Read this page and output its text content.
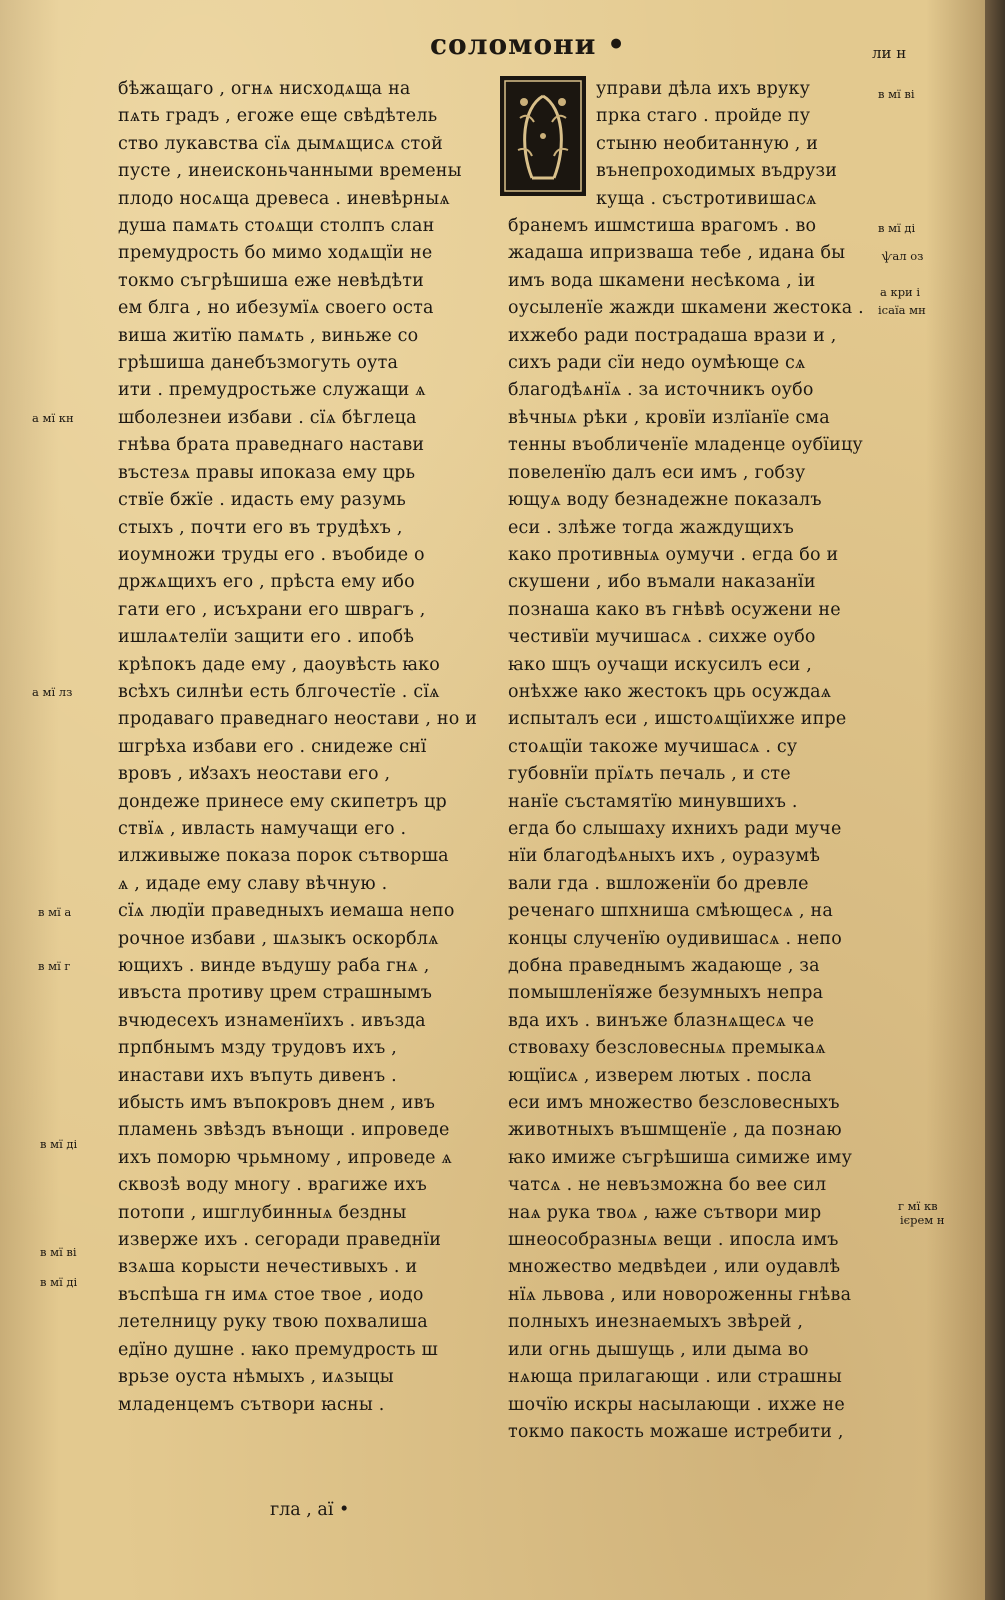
соломони •	ли н
бѣжащаго , огнѧ нисходѧща на
пѧть градъ , егоже еще свѣдѣтель
ство лукавства сїѧ дымѧщисѧ стой
пусте , инеисконьчанными времены
плодо носѧща древеса . иневѣрныѧ
душа памѧть стоѧщи столпъ слан
премудрость бо мимо ходѧщїи не
токмо съгрѣшиша еже невѣдѣти
ем блга , но ибезумїѧ своего оста
виша житїю памѧть , виньже со
грѣшиша данебъзмогуть оута
ити . премудростьже служащи ѧ
шболезнеи избави . сїѧ бѣглеца
гнѣва брата праведнаго настави
въстезѧ правы ипоказа ему црь
ствїе бжїе . идасть ему разумь
стыхъ , почти его въ трудѣхъ ,
иоумножи труды его . въобиде о
држѧщихъ его , прѣста ему ибо
гати его , исъхрани его шврагъ ,
ишлаѧтелїи защити его . ипобѣ
крѣпокъ даде ему , даоувѣсть ꙗко
всѣхъ силнѣи есть блгочестїе . сїѧ
продаваго праведнаго неостави , но и
шгрѣха избави его . снидеже снї
вровъ , иꙋзахъ неостави его ,
дондеже принесе ему скипетръ цр
ствїѧ , ивласть намучащи его .
илживыже показа порок сътворша
ѧ , идаде ему славу вѣчную .
сїѧ людїи праведныхъ иемаша непо
рочное избави , шѧзыкъ оскорблѧ
ющихъ . винде въдушу раба гнѧ ,
ивъста противу црем страшнымъ
вчюдесехъ изнаменїихъ . ивъзда
прпбнымъ мзду трудовъ ихъ ,
инастави ихъ въпуть дивенъ .
ибысть имъ въпокровъ днем , ивъ
пламень звѣздъ вънощи . ипроведе
ихъ поморю чрьмному , ипроведе ѧ
сквозѣ воду многу . врагиже ихъ
потопи , ишглубинныѧ бездны
изверже ихъ . сегоради праведнїи
взѧша корысти нечестивыхъ . и
въспѣша гн имѧ стое твое , иодо
летелницу руку твою похвалиша
едїно душне . ꙗко премудрость ш
врьзе оуста нѣмыхъ , иѧзыцы
младенцемъ сътвори ꙗсны .
управи дѣла ихъ вруку
прка стаго . пройде пу
стыню необитанную , и
вънепроходимых въдрузи
куща . състротивишасѧ
бранемъ ишмстиша врагомъ . во
жадаша ипризваша тебе , идана бы
имъ вода шкамени несѣкома , іи
оусыленїе жажди шкамени жестока .
ихжебо ради пострадаша врази и ,
сихъ ради сїи недо оумѣюще сѧ
благодѣѧнїѧ . за источникъ оубо
вѣчныѧ рѣки , кровїи излїанїе сма
тенны въобличенїе младенце оубїицу
повеленїю далъ еси имъ , гобзу
ющуѧ воду безнадежне показалъ
еси . злѣже тогда жаждущихъ
како противныѧ оумучи . егда бо и
скушени , ибо въмали наказанїи
познаша како въ гнѣвѣ осужени не
честивїи мучишасѧ . сихже оубо
ꙗко шцъ оучащи искусилъ еси ,
онѣхже ꙗко жестокъ црь осуждаѧ
испыталъ еси , ишстоѧщїихже ипре
стоѧщїи такоже мучишасѧ . су
губовнїи прїѧть печаль , и сте
нанїе състамятїю минувшихъ .
егда бо слышаху ихнихъ ради муче
нїи благодѣѧныхъ ихъ , оуразумѣ
вали гда . вшложенїи бо древле
реченаго шпхниша смѣющесѧ , на
концы слученїю оудивишасѧ . непо
добна праведнымъ жадающе , за
помышленїяже безумныхъ непра
вда ихъ . винъже блазнѧщесѧ че
ствоваху безсловесныѧ премыкаѧ
ющїисѧ , изверем лютых . посла
еси имъ множество безсловесныхъ
животныхъ въшмщенїе , да познаю
ꙗко имиже съгрѣшиша симиже иму
чатсѧ . не невъзможна бо вее сил
наѧ рука твоѧ , ꙗже сътвори мир
шнеособразныѧ вещи . ипосла имъ
множество медвѣдеи , или оудавлѣ
нїѧ львова , или новороженны гнѣва
полныхъ инезнаемыхъ звѣрей ,
или огнь дышущь , или дыма во
нѧюща прилагающи . или страшны
шочїю искры насылающи . ихже не
токмо пакость можаше истребити ,
гла , аї •
в мї ві
в мї ді
ѱал оз
а кри і
ісаїа мн
г мї кв
ієрем н
а мї кн
а мї лз
в мї а
в мї г
в мї ді
в мї ві
в мї ді
